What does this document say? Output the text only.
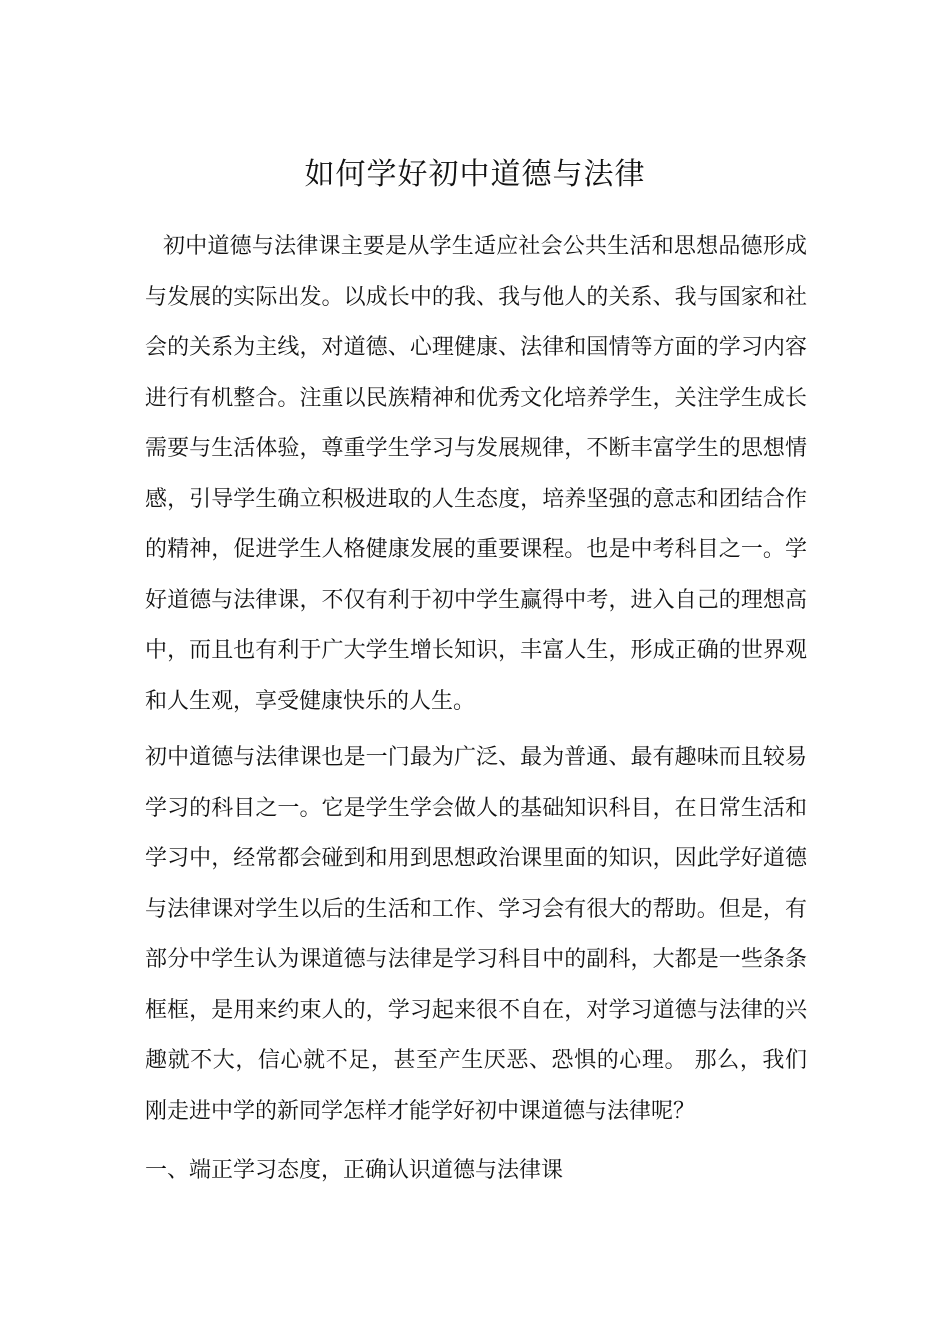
如何学好初中道德与法律

初中道德与法律课主要是从学生适应社会公共生活和思想品德形成与发展的实际出发。以成长中的我、我与他人的关系、我与国家和社会的关系为主线，对道德、心理健康、法律和国情等方面的学习内容进行有机整合。注重以民族精神和优秀文化培养学生，关注学生成长需要与生活体验，尊重学生学习与发展规律，不断丰富学生的思想情感，引导学生确立积极进取的人生态度，培养坚强的意志和团结合作的精神，促进学生人格健康发展的重要课程。也是中考科目之一。学好道德与法律课，不仅有利于初中学生赢得中考，进入自己的理想高中，而且也有利于广大学生增长知识，丰富人生，形成正确的世界观和人生观，享受健康快乐的人生。

初中道德与法律课也是一门最为广泛、最为普通、最有趣味而且较易学习的科目之一。它是学生学会做人的基础知识科目，在日常生活和学习中，经常都会碰到和用到思想政治课里面的知识，因此学好道德与法律课对学生以后的生活和工作、学习会有很大的帮助。但是，有部分中学生认为课道德与法律是学习科目中的副科，大都是一些条条框框，是用来约束人的，学习起来很不自在，对学习道德与法律的兴趣就不大，信心就不足，甚至产生厌恶、恐惧的心理。 那么，我们刚走进中学的新同学怎样才能学好初中课道德与法律呢？

一、端正学习态度，正确认识道德与法律课
